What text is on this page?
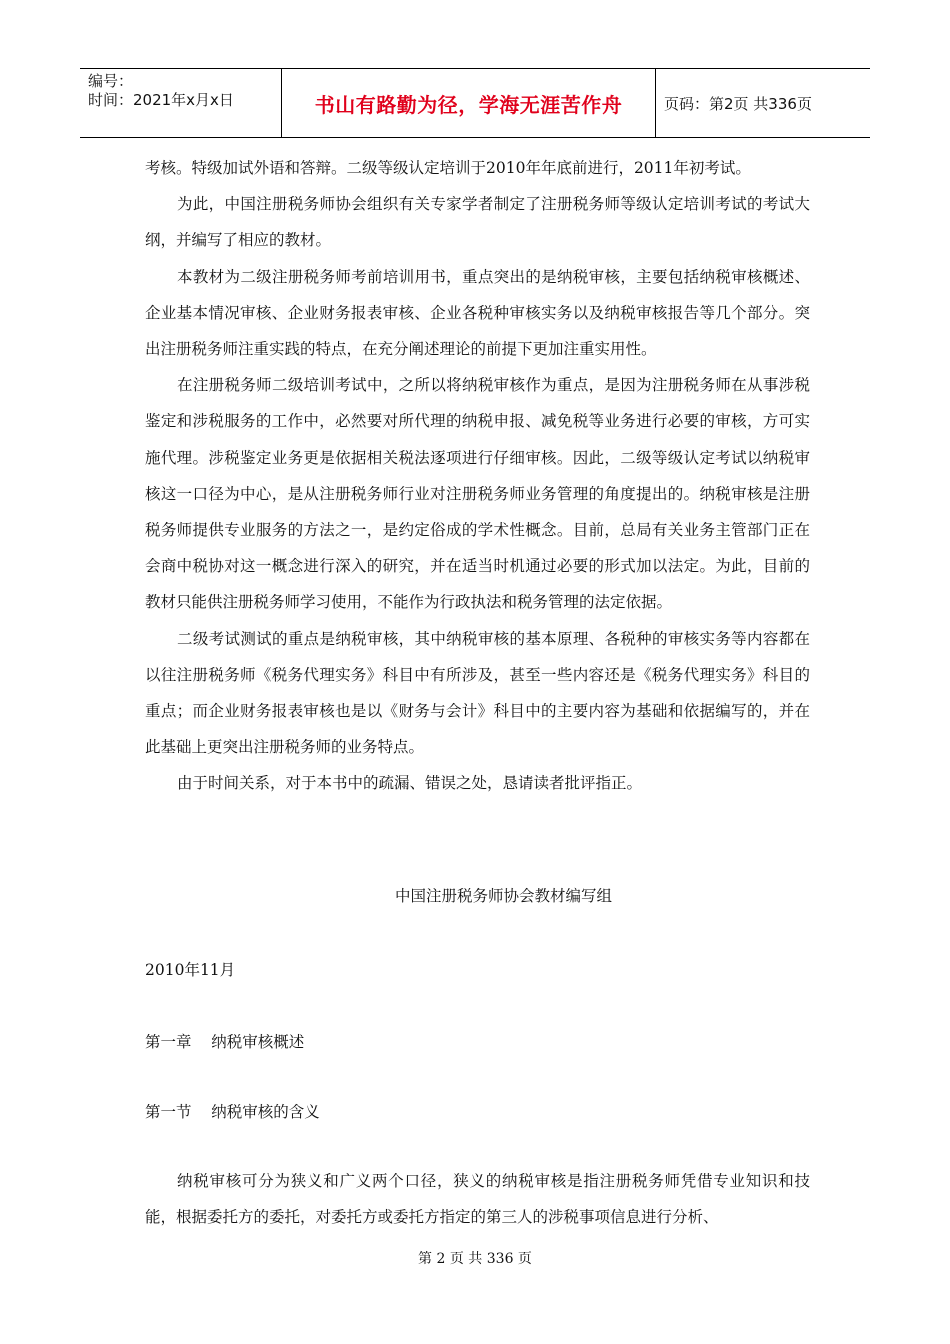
编号：
时间：2021年x月x日	书山有路勤为径，学海无涯苦作舟	页码：第2页 共336页

考核。特级加试外语和答辩。二级等级认定培训于2010年年底前进行，2011年初考试。

为此，中国注册税务师协会组织有关专家学者制定了注册税务师等级认定培训考试的考试大纲，并编写了相应的教材。

本教材为二级注册税务师考前培训用书，重点突出的是纳税审核，主要包括纳税审核概述、企业基本情况审核、企业财务报表审核、企业各税种审核实务以及纳税审核报告等几个部分。突出注册税务师注重实践的特点，在充分阐述理论的前提下更加注重实用性。

在注册税务师二级培训考试中，之所以将纳税审核作为重点，是因为注册税务师在从事涉税鉴定和涉税服务的工作中，必然要对所代理的纳税申报、减免税等业务进行必要的审核，方可实施代理。涉税鉴定业务更是依据相关税法逐项进行仔细审核。因此，二级等级认定考试以纳税审核这一口径为中心，是从注册税务师行业对注册税务师业务管理的角度提出的。纳税审核是注册税务师提供专业服务的方法之一，是约定俗成的学术性概念。目前，总局有关业务主管部门正在会商中税协对这一概念进行深入的研究，并在适当时机通过必要的形式加以法定。为此，目前的教材只能供注册税务师学习使用，不能作为行政执法和税务管理的法定依据。

二级考试测试的重点是纳税审核，其中纳税审核的基本原理、各税种的审核实务等内容都在以往注册税务师《税务代理实务》科目中有所涉及，甚至一些内容还是《税务代理实务》科目的重点；而企业财务报表审核也是以《财务与会计》科目中的主要内容为基础和依据编写的，并在此基础上更突出注册税务师的业务特点。

由于时间关系，对于本书中的疏漏、错误之处，恳请读者批评指正。

中国注册税务师协会教材编写组
2010年11月
第一章    纳税审核概述
第一节    纳税审核的含义

纳税审核可分为狭义和广义两个口径，狭义的纳税审核是指注册税务师凭借专业知识和技能，根据委托方的委托，对委托方或委托方指定的第三人的涉税事项信息进行分析、

第 2 页 共 336 页
